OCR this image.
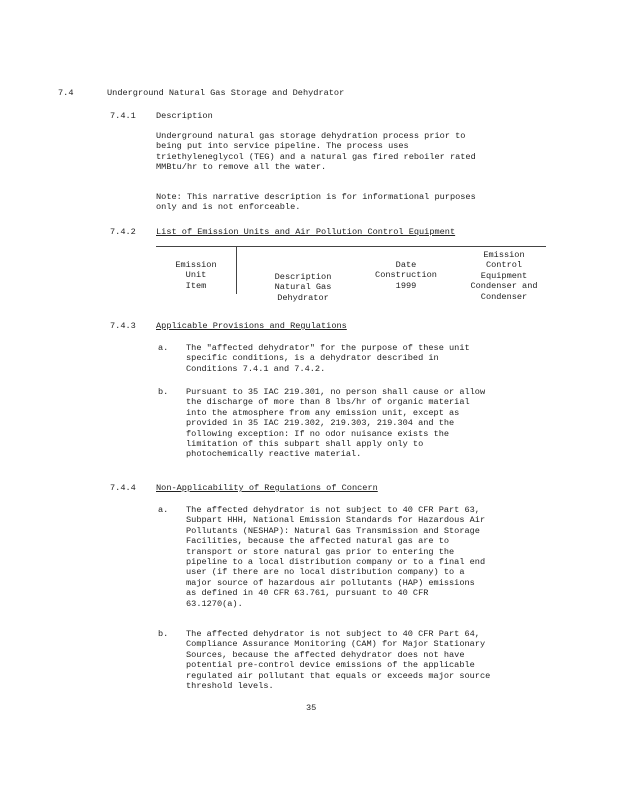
7.4	Underground Natural Gas Storage and Dehydrator
7.4.1 Description
Underground natural gas storage dehydration process prior to
being put into service pipeline. The process uses
triethyleneglycol (TEG) and a natural gas fired reboiler rated
MMBtu/hr to remove all the water.
Note: This narrative description is for informational purposes
only and is not enforceable.
7.4.2 List of Emission Units and Air Pollution Control Equipment
Emission
Unit
Item
Description
Natural Gas
Dehydrator
Date
Construction
1999
Emission
Control
Equipment
Condenser and
Condenser
7.4.3 Applicable Provisions and Regulations
a. The "affected dehydrator" for the purpose of these unit
specific conditions, is a dehydrator described in
Conditions 7.4.1 and 7.4.2.
b. Pursuant to 35 IAC 219.301, no person shall cause or allow
the discharge of more than 8 lbs/hr of organic material
into the atmosphere from any emission unit, except as
provided in 35 IAC 219.302, 219.303, 219.304 and the
following exception: If no odor nuisance exists the
limitation of this subpart shall apply only to
photochemically reactive material.
7.4.4 Non-Applicability of Regulations of Concern
a. The affected dehydrator is not subject to 40 CFR Part 63,
Subpart HHH, National Emission Standards for Hazardous Air
Pollutants (NESHAP): Natural Gas Transmission and Storage
Facilities, because the affected natural gas are to
transport or store natural gas prior to entering the
pipeline to a local distribution company or to a final end
user (if there are no local distribution company) to a
major source of hazardous air pollutants (HAP) emissions
as defined in 40 CFR 63.761, pursuant to 40 CFR
63.1270(a).
b. The affected dehydrator is not subject to 40 CFR Part 64,
Compliance Assurance Monitoring (CAM) for Major Stationary
Sources, because the affected dehydrator does not have
potential pre-control device emissions of the applicable
regulated air pollutant that equals or exceeds major source
threshold levels.
35
